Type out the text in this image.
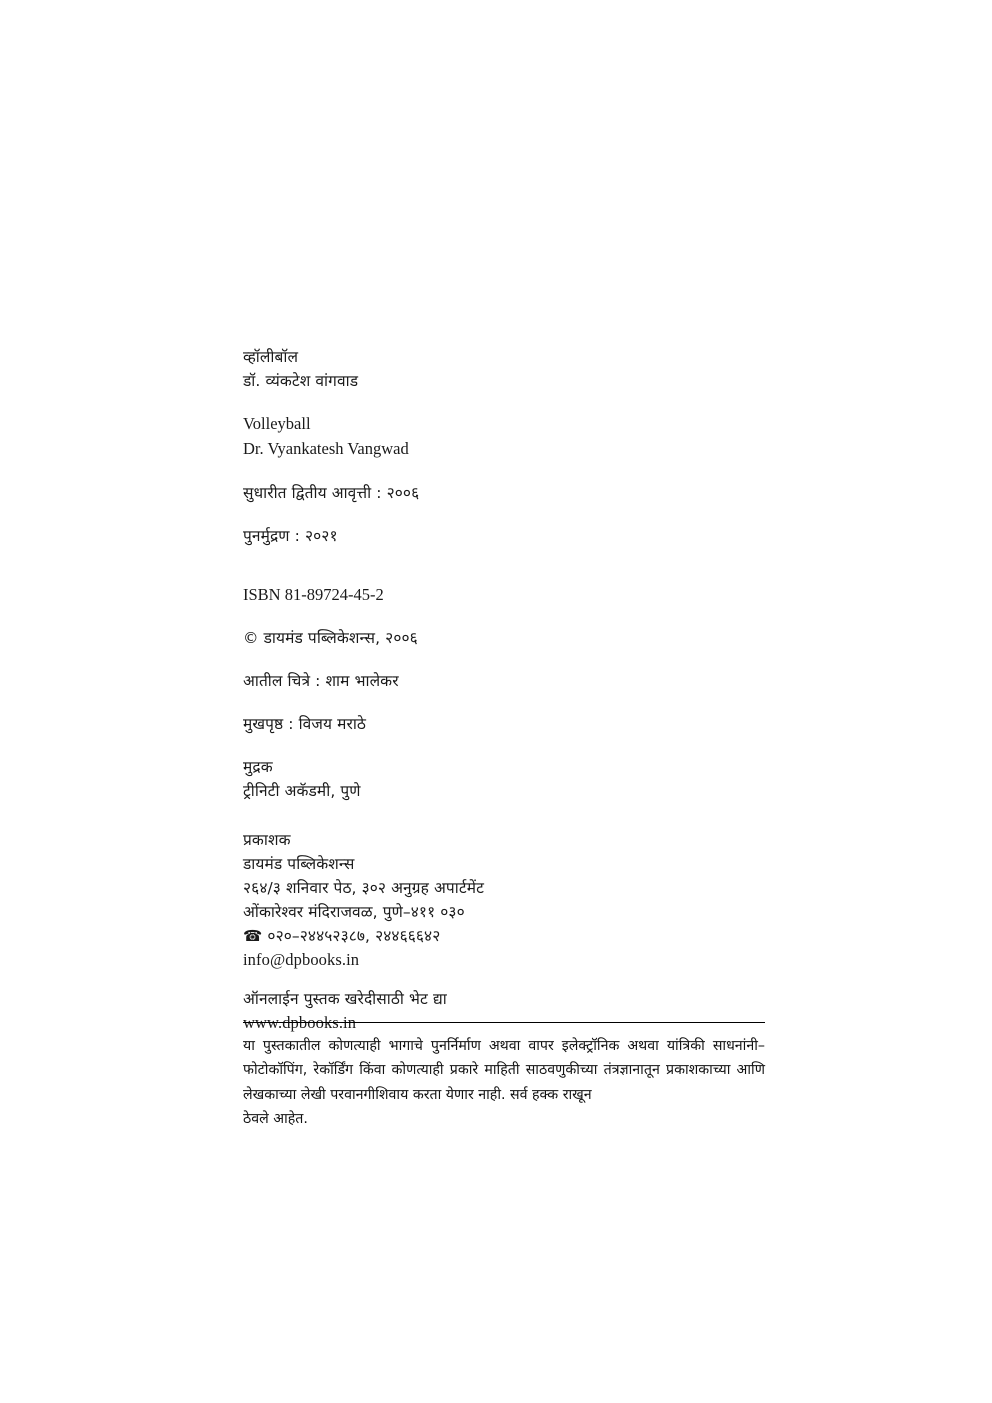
व्हॉलीबॉल
डॉ. व्यंकटेश वांगवाड
Volleyball
Dr. Vyankatesh Vangwad
सुधारीत द्वितीय आवृत्ती : २००६
पुनर्मुद्रण : २०२१
ISBN 81-89724-45-2
© डायमंड पब्लिकेशन्स, २००६
आतील चित्रे : शाम भालेकर
मुखपृष्ठ : विजय मराठे
मुद्रक
ट्रीनिटी अकॅडमी, पुणे
प्रकाशक
डायमंड पब्लिकेशन्स
२६४/३ शनिवार पेठ, ३०२ अनुग्रह अपार्टमेंट
ओंकारेश्वर मंदिराजवळ, पुणे–४११ ०३०
☎ ०२०–२४४५२३८७, २४४६६६४२
info@dpbooks.in
ऑनलाईन पुस्तक खरेदीसाठी भेट द्या
www.dpbooks.in
या पुस्तकातील कोणत्याही भागाचे पुनर्निर्माण अथवा वापर इलेक्ट्रॉनिक अथवा यांत्रिकी साधनांनी–फोटोकॉपिंग, रेकॉर्डिंग किंवा कोणत्याही प्रकारे माहिती साठवणुकीच्या तंत्रज्ञानातून प्रकाशकाच्या आणि लेखकाच्या लेखी परवानगीशिवाय करता येणार नाही. सर्व हक्क राखून
ठेवले आहेत.
